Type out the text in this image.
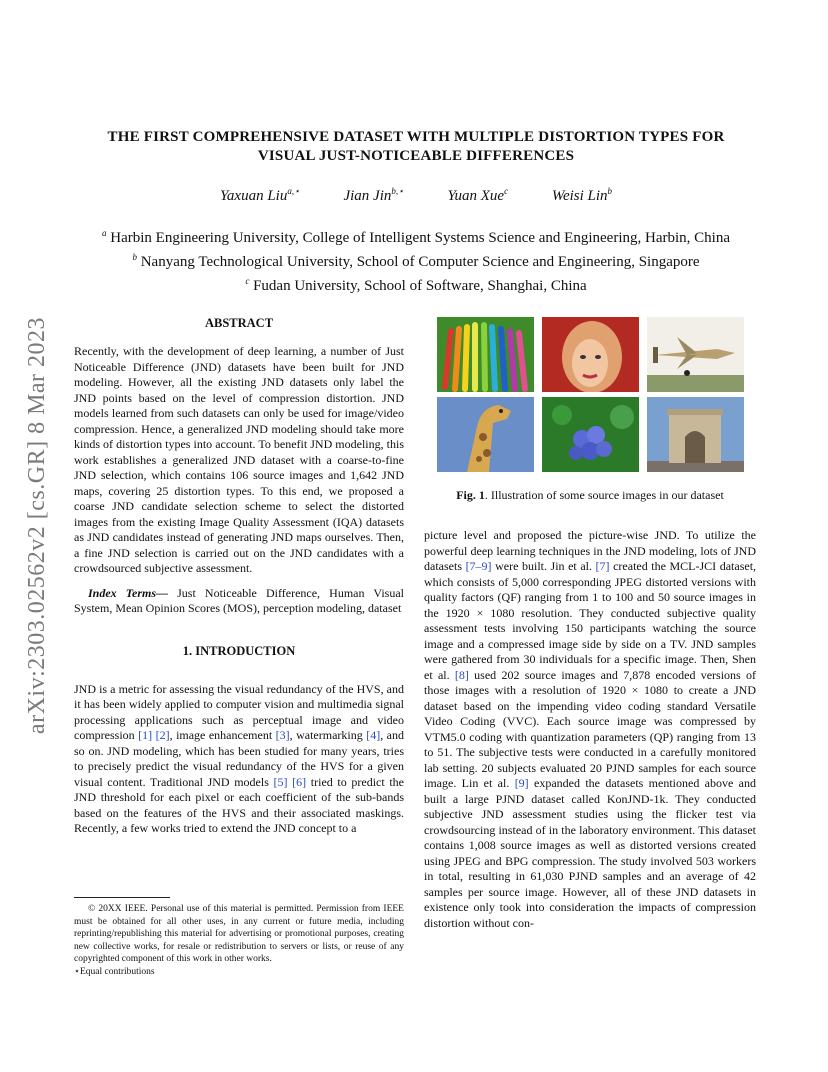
arXiv:2303.02562v2 [cs.GR] 8 Mar 2023
THE FIRST COMPREHENSIVE DATASET WITH MULTIPLE DISTORTION TYPES FOR
VISUAL JUST-NOTICEABLE DIFFERENCES
Yaxuan Liu$^{a,⋆}$	Jian Jin$^{b,⋆}$	Yuan Xue$^c$	Weisi Lin$^b$
$^a$ Harbin Engineering University, College of Intelligent Systems Science and Engineering, Harbin, China
$^b$ Nanyang Technological University, School of Computer Science and Engineering, Singapore
$^c$ Fudan University, School of Software, Shanghai, China
ABSTRACT

Recently, with the development of deep learning, a number of Just Noticeable Difference (JND) datasets have been built for JND modeling. However, all the existing JND datasets only label the JND points based on the level of compression distortion. JND models learned from such datasets can only be used for image/video compression. Hence, a generalized JND modeling should take more kinds of distortion types into account. To benefit JND modeling, this work establishes a generalized JND dataset with a coarse-to-fine JND selection, which contains 106 source images and 1,642 JND maps, covering 25 distortion types. To this end, we proposed a coarse JND candidate selection scheme to select the distorted images from the existing Image Quality Assessment (IQA) datasets as JND candidates instead of generating JND maps ourselves. Then, a fine JND selection is carried out on the JND candidates with a crowdsourced subjective assessment.

Index Terms— Just Noticeable Difference, Human Visual System, Mean Opinion Scores (MOS), perception modeling, dataset

1. INTRODUCTION

JND is a metric for assessing the visual redundancy of the HVS, and it has been widely applied to computer vision and multimedia signal processing applications such as perceptual image and video compression [1] [2], image enhancement [3], watermarking [4], and so on. JND modeling, which has been studied for many years, tries to precisely predict the visual redundancy of the HVS for a given visual content. Traditional JND models [5] [6] tried to predict the JND threshold for each pixel or each coefficient of the sub-bands based on the features of the HVS and their associated maskings. Recently, a few works tried to extend the JND concept to a

© 20XX IEEE. Personal use of this material is permitted. Permission from IEEE must be obtained for all other uses, in any current or future media, including reprinting/republishing this material for advertising or promotional purposes, creating new collective works, for resale or redistribution to servers or lists, or reuse of any copyrighted component of this work in other works.
⋆Equal contributions
Fig. 1. Illustration of some source images in our dataset

picture level and proposed the picture-wise JND. To utilize the powerful deep learning techniques in the JND modeling, lots of JND datasets [7–9] were built. Jin et al. [7] created the MCL-JCI dataset, which consists of 5,000 corresponding JPEG distorted versions with quality factors (QF) ranging from 1 to 100 and 50 source images in the 1920 × 1080 resolution. They conducted subjective quality assessment tests involving 150 participants watching the source image and a compressed image side by side on a TV. JND samples were gathered from 30 individuals for a specific image. Then, Shen et al. [8] used 202 source images and 7,878 encoded versions of those images with a resolution of 1920 × 1080 to create a JND dataset based on the impending video coding standard Versatile Video Coding (VVC). Each source image was compressed by VTM5.0 coding with quantization parameters (QP) ranging from 13 to 51. The subjective tests were conducted in a carefully monitored lab setting. 20 subjects evaluated 20 PJND samples for each source image. Lin et al. [9] expanded the datasets mentioned above and built a large PJND dataset called KonJND-1k. They conducted subjective JND assessment studies using the flicker test via crowdsourcing instead of in the laboratory environment. This dataset contains 1,008 source images as well as distorted versions created using JPEG and BPG compression. The study involved 503 workers in total, resulting in 61,030 PJND samples and an average of 42 samples per source image. However, all of these JND datasets in existence only took into consideration the impacts of compression distortion without con-
